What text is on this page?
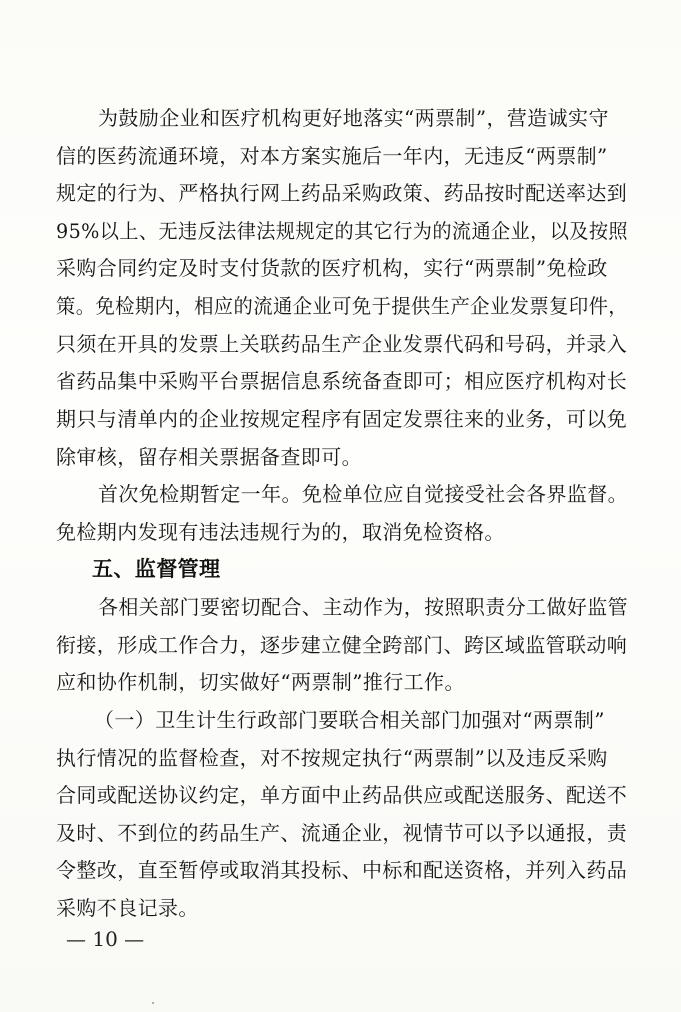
为鼓励企业和医疗机构更好地落实“两票制”，营造诚实守
信的医药流通环境，对本方案实施后一年内，无违反“两票制”
规定的行为、严格执行网上药品采购政策、药品按时配送率达到
95%以上、无违反法律法规规定的其它行为的流通企业，以及按照
采购合同约定及时支付货款的医疗机构，实行“两票制”免检政
策。免检期内，相应的流通企业可免于提供生产企业发票复印件，
只须在开具的发票上关联药品生产企业发票代码和号码，并录入
省药品集中采购平台票据信息系统备查即可；相应医疗机构对长
期只与清单内的企业按规定程序有固定发票往来的业务，可以免
除审核，留存相关票据备查即可。
首次免检期暂定一年。免检单位应自觉接受社会各界监督。
免检期内发现有违法违规行为的，取消免检资格。
五、监督管理
各相关部门要密切配合、主动作为，按照职责分工做好监管
衔接，形成工作合力，逐步建立健全跨部门、跨区域监管联动响
应和协作机制，切实做好“两票制”推行工作。
（一）卫生计生行政部门要联合相关部门加强对“两票制”
执行情况的监督检查，对不按规定执行“两票制”以及违反采购
合同或配送协议约定，单方面中止药品供应或配送服务、配送不
及时、不到位的药品生产、流通企业，视情节可以予以通报，责
令整改，直至暂停或取消其投标、中标和配送资格，并列入药品
采购不良记录。
— 10 —
